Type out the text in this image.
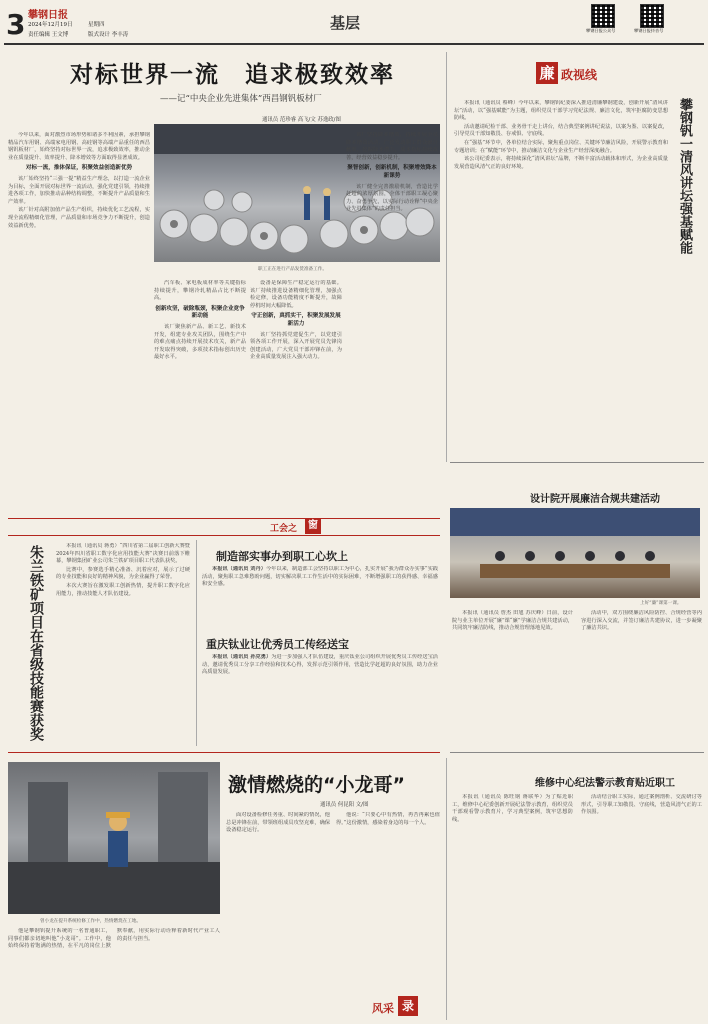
3 攀钢日报
2024年12月19日	星期四
责任编辑 王文博	版式设计 李丰涛
基层	攀钢日报公众号	攀钢日报抖音号
对标世界一流　追求极致效率
——记“中央企业先进集体”西昌钢钒板材厂
通讯员 范珍睿 高飞/文 苏逸政/图
职工正在进行产品发货准备工作。

今年以来，面对激烈市场形势和诸多不利因素，承担攀钢精品汽车用钢、高端家电用钢、高硅钢等高端产品重任的西昌钢钒板材厂，始终坚持对标世界一流，追求极致效率，推动企业在质量提升、效率提升、降本增效等方面取得显著成效。

对标一流，推体保证，积聚效益创造新优势

该厂始终坚持“三强一提”精益生产理念，以打造一流企业为目标，全面开展对标世界一流活动，强化党建引领，持续推进各项工作，加快推动品种结构调整，不断提升产品质量和生产效率。

该厂针对高附加值产品生产组织，持续优化工艺流程，实现全流程精细化管理，产品质量和市场竞争力不断提升，创造效益新优势。

汽车板、家电板成材率等关键指标持续提升，攀钢冷轧精品占比不断提高。

创新攻坚，破除瓶颈，积聚企业竞争新动能

该厂聚焦新产品、新工艺、新技术开发，组建专业攻关团队，围绕生产中的难点痛点持续开展技术攻关，新产品开发取得突破，多项技术指标创出历史最好水平。

设备是保障生产稳定运行的基础。该厂持续推进设备精细化管理，加强点检定修，设备功能精度不断提升，故障停机时间大幅降低。

守正创新，真抓实干，积聚发展发展新活力

该厂坚持抓党建促生产，以党建引领各项工作开展，深入开展党员先锋岗创建活动，广大党员干部冲锋在前，为企业高质量发展注入强大动力。

该厂坚持降本增效，持续开展全员降本增效活动，广泛发动职工群众献计献策，挖掘降本潜力，成本指标持续改善，经营效益稳步提升。

聚智创新，创新机制，积聚增效降本新课势

该厂健全完善激励机制，营造比学赶超的浓厚氛围，全体干部职工凝心聚力、奋勇争先，以实际行动诠释“中央企业先进集体”的责任担当。

廉 政视线
攀钢钒一清风讲坛强基赋能

本报讯（通讯员 蔡峰）今年以来，攀钢钒纪委深入推进清廉攀钢建设，创新开展“清风讲坛”活动，以“强基赋能”为主题，组织党员干部学习党纪法规、廉洁文化，筑牢拒腐防变思想防线。

活动邀请纪检干部、业务骨干走上讲台，结合典型案例讲纪说法，以案为鉴、以案促改，引导党员干部知敬畏、存戒惧、守底线。

在“强基”环节中，各单位结合实际，聚焦重点岗位、关键环节廉洁风险，开展警示教育和专题培训；在“赋能”环节中，推动廉洁文化与企业生产经营深度融合。

该公司纪委表示，将持续深化“清风讲坛”品牌，不断丰富活动载体和形式，为企业高质量发展营造风清气正的良好环境。

工会之	窗
朱兰铁矿项目在省级技能赛获奖	本报讯（通讯员 蒋勇）“四川省第二届职工创新大赛暨2024年四川省职工数字化应用技能大赛”决赛日前落下帷幕，攀钢集团矿业公司朱兰铁矿项目职工代表队获奖。

比赛中，参赛选手精心准备、沉着应对，展示了过硬的专业技能和良好的精神风貌，为企业赢得了荣誉。

本次大赛旨在激发职工创新热情，提升职工数字化应用能力，推动技能人才队伍建设。

制造部实事办到职工心坎上

本报讯（通讯员 刘丹）今年以来，制造部工会坚持以职工为中心，扎实开展“我为群众办实事”实践活动，聚焦职工急难愁盼问题，切实解决职工工作生活中的实际困难，不断增强职工的获得感、幸福感和安全感。

重庆钛业让优秀员工传经送宝

本报讯（通讯员 孙克勇）为进一步加强人才队伍建设，重庆钛业公司组织开展优秀员工传经送宝活动，邀请优秀员工分享工作经验和技术心得，发挥示范引领作用，营造比学赶超的良好氛围，助力企业高质量发展。

设计院开展廉洁合规共建活动
上好“廉”课第一课。

本报讯（通讯员 詹杰 田旭 苏庆峰）日前，设计院与业主单位开展“廉”课“廉”学廉洁合规共建活动，共同筑牢廉洁防线，推动合规管理落地见效。

活动中，双方围绕廉洁风险防控、合规经营等内容进行深入交流，并签订廉洁共建协议，进一步凝聚了廉洁共识。

激情燃烧的“小龙哥”
通讯员 何昆阳 文/图
曾小龙在提升系统检修工作中，热情燃烧在工地。

他是攀钢钒提升系统的一名普通职工，同事们都亲切地叫他“小龙哥”。工作中，他始终保持着饱满的热情，在平凡的岗位上默默奉献，用实际行动诠释着新时代产业工人的责任与担当。

面对设备检修任务重、时间紧的情况，他总是冲锋在前，带领班组成员攻坚克难，确保设备稳定运行。

他说：“只要心中有热情，再苦再累也值得。”这份激情，感染着身边的每一个人。

风采 录
维修中心纪法警示教育贴近职工

本报讯（通讯员 陈旺钢 蒋联华）为了贴近职工，维修中心纪委创新开展纪法警示教育，组织党员干部观看警示教育片，学习典型案例，筑牢思想防线。

活动结合职工实际，通过案例剖析、交流研讨等形式，引导职工知敬畏、守底线，营造风清气正的工作氛围。
